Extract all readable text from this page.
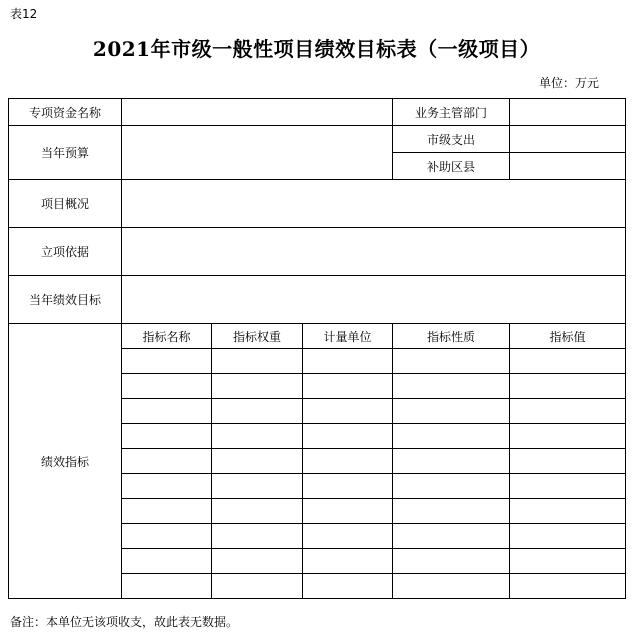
表12
2021年市级一般性项目绩效目标表（一级项目）
单位：万元
专项资金名称				业务主管部门	
当年预算				市级支出	
				补助区县	
项目概况					
立项依据					
当年绩效目标					
绩效指标	指标名称	指标权重	计量单位	指标性质	指标值

备注：本单位无该项收支，故此表无数据。
